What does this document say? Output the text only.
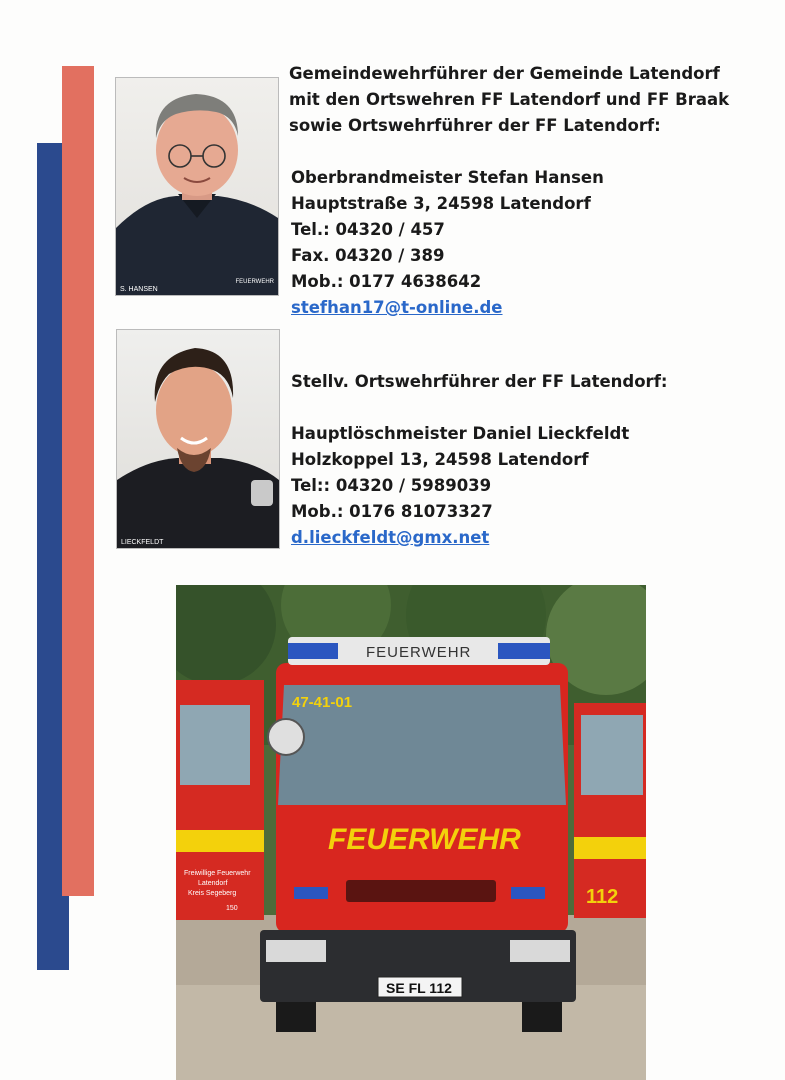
S. HANSEN
FEUERWEHR
LIECKFELDT
Gemeindewehrführer der Gemeinde Latendorf
mit den Ortswehren FF Latendorf und FF Braak
sowie Ortswehrführer der FF Latendorf:
Oberbrandmeister Stefan Hansen
Hauptstraße 3, 24598 Latendorf
Tel.: 04320 / 457
Fax. 04320 / 389
Mob.: 0177 4638642
stefhan17@t-online.de
Stellv. Ortswehrführer der FF Latendorf:
Hauptlöschmeister Daniel Lieckfeldt
Holzkoppel 13, 24598 Latendorf
Tel:: 04320 / 5989039
Mob.: 0176 81073327
d.lieckfeldt@gmx.net
Freiwillige Feuerwehr
Latendorf
Kreis Segeberg
150
112
FEUERWEHR
47-41-01
FEUERWEHR
SE FL 112
